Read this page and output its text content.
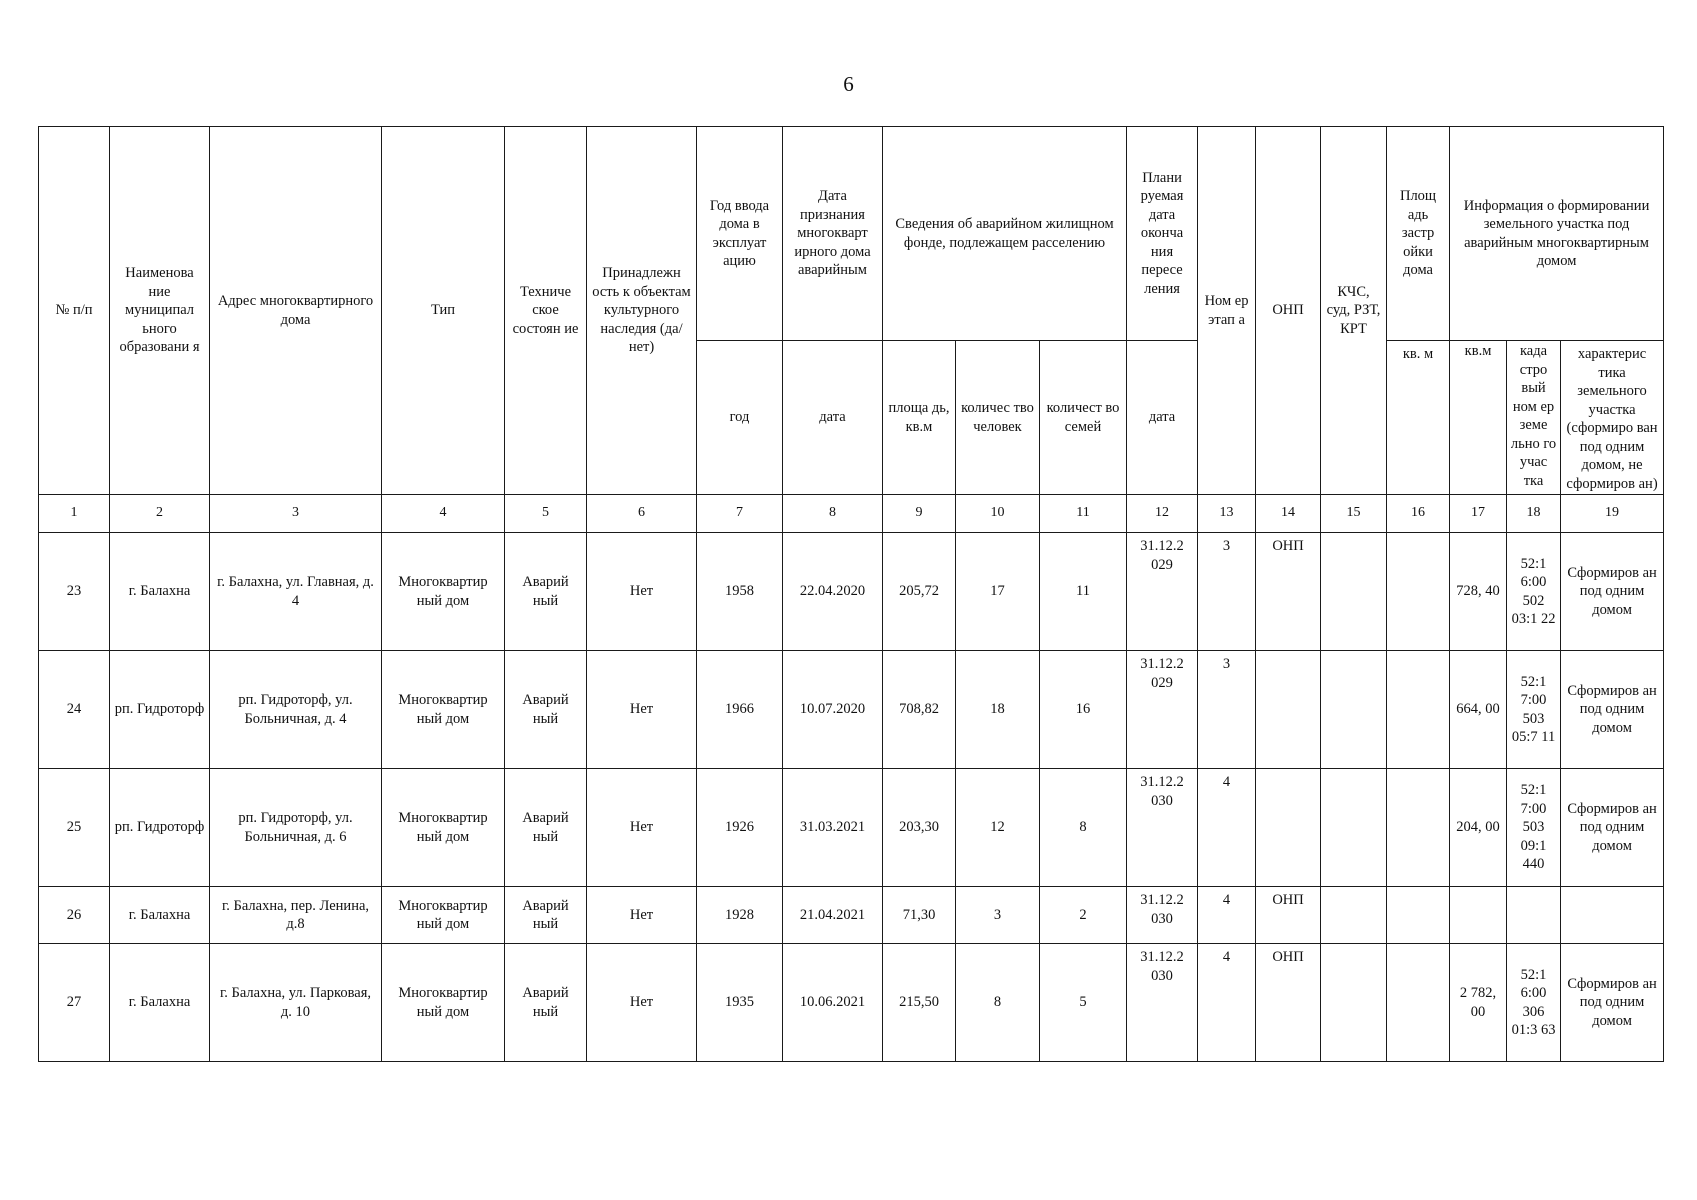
6
№ п/п	Наименова ние муниципал ьного образовани я	Адрес многоквартирного дома	Тип	Техниче ское состоян ие	Принадлежн ость к объектам культурного наследия (да/нет)	Год ввода дома в эксплуат ацию	Дата признания многокварт ирного дома аварийным	Сведения об аварийном жилищном фонде, подлежащем расселению			Плани руемая дата оконча ния пересе ления	Ном ер этап а	ОНП	КЧС, суд, РЗТ, КРТ	Площ адь застр ойки дома	Информация о формировании земельного участка под аварийным многоквартирным домом		

						год	дата	площа дь, кв.м	количес тво человек	количест во семей	дата				кв. м	кв.м	када стро вый ном ер земе льно го учас тка	характерис тика земельного участка (сформиро ван под одним домом, не сформиров ан)
1	2	3	4	5	6	7	8	9	10	11	12	13	14	15	16	17	18	19
23	г. Балахна	г. Балахна, ул. Главная, д. 4	Многоквартир ный дом	Аварий ный	Нет	1958	22.04.2020	205,72	17	11	31.12.2 029	3	ОНП			728, 40	52:1 6:00 502 03:1 22	Сформиров ан под одним домом
24	рп. Гидроторф	рп. Гидроторф, ул. Больничная, д. 4	Многоквартир ный дом	Аварий ный	Нет	1966	10.07.2020	708,82	18	16	31.12.2 029	3				664, 00	52:1 7:00 503 05:7 11	Сформиров ан под одним домом
25	рп. Гидроторф	рп. Гидроторф, ул. Больничная, д. 6	Многоквартир ный дом	Аварий ный	Нет	1926	31.03.2021	203,30	12	8	31.12.2 030	4				204, 00	52:1 7:00 503 09:1 440	Сформиров ан под одним домом
26	г. Балахна	г. Балахна, пер. Ленина, д.8	Многоквартир ный дом	Аварий ный	Нет	1928	21.04.2021	71,30	3	2	31.12.2 030	4	ОНП					
27	г. Балахна	г. Балахна, ул. Парковая, д. 10	Многоквартир ный дом	Аварий ный	Нет	1935	10.06.2021	215,50	8	5	31.12.2 030	4	ОНП			2 782, 00	52:1 6:00 306 01:3 63	Сформиров ан под одним домом
